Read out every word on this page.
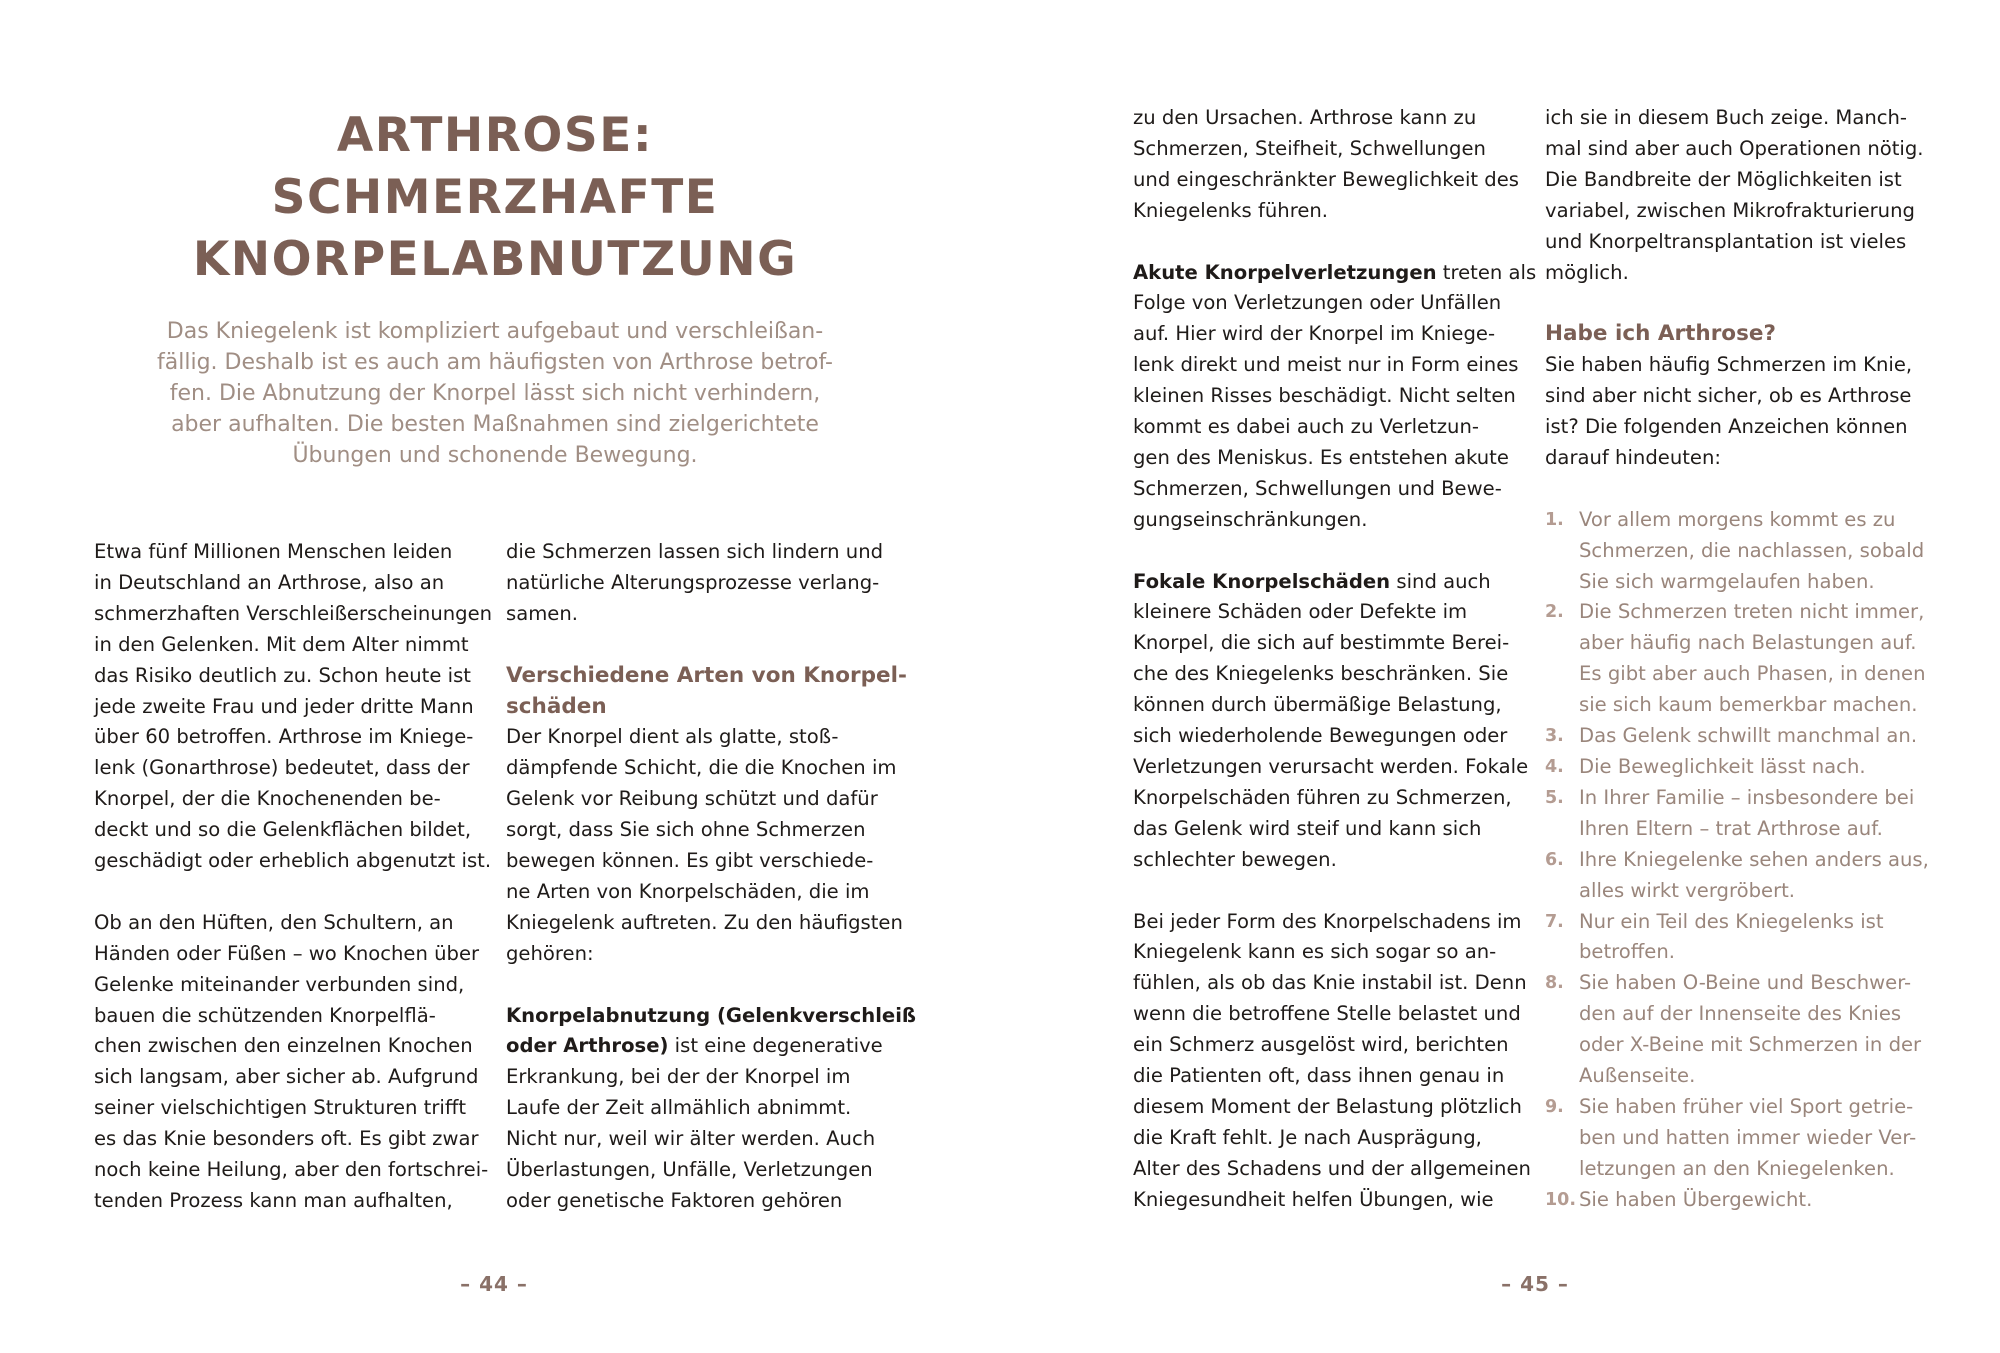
ARTHROSE:
SCHMERZHAFTE
KNORPELABNUTZUNG
Das Kniegelenk ist kompliziert aufgebaut und verschleißan-
fällig. Deshalb ist es auch am häufigsten von Arthrose betrof-
fen. Die Abnutzung der Knorpel lässt sich nicht verhindern,
aber aufhalten. Die besten Maßnahmen sind zielgerichtete
Übungen und schonende Bewegung.
Etwa fünf Millionen Menschen leiden
in Deutschland an Arthrose, also an
schmerzhaften Verschleißerscheinungen
in den Gelenken. Mit dem Alter nimmt
das Risiko deutlich zu. Schon heute ist
jede zweite Frau und jeder dritte Mann
über 60 betroffen. Arthrose im Kniege-
lenk (Gonarthrose) bedeutet, dass der
Knorpel, der die Knochenenden be-
deckt und so die Gelenkflächen bildet,
geschädigt oder erheblich abgenutzt ist.
Ob an den Hüften, den Schultern, an
Händen oder Füßen – wo Knochen über
Gelenke miteinander verbunden sind,
bauen die schützenden Knorpelflä-
chen zwischen den einzelnen Knochen
sich langsam, aber sicher ab. Aufgrund
seiner vielschichtigen Strukturen trifft
es das Knie besonders oft. Es gibt zwar
noch keine Heilung, aber den fortschrei-
tenden Prozess kann man aufhalten,
die Schmerzen lassen sich lindern und
natürliche Alterungsprozesse verlang-
samen.
Verschiedene Arten von Knorpel-
schäden
Der Knorpel dient als glatte, stoß-
dämpfende Schicht, die die Knochen im
Gelenk vor Reibung schützt und dafür
sorgt, dass Sie sich ohne Schmerzen
bewegen können. Es gibt verschiede-
ne Arten von Knorpelschäden, die im
Kniegelenk auftreten. Zu den häufigsten
gehören:
Knorpelabnutzung (Gelenkverschleiß
oder Arthrose) ist eine degenerative
Erkrankung, bei der der Knorpel im
Laufe der Zeit allmählich abnimmt.
Nicht nur, weil wir älter werden. Auch
Überlastungen, Unfälle, Verletzungen
oder genetische Faktoren gehören
– 44 –
zu den Ursachen. Arthrose kann zu
Schmerzen, Steifheit, Schwellungen
und eingeschränkter Beweglichkeit des
Kniegelenks führen.
Akute Knorpelverletzungen treten als
Folge von Verletzungen oder Unfällen
auf. Hier wird der Knorpel im Kniege-
lenk direkt und meist nur in Form eines
kleinen Risses beschädigt. Nicht selten
kommt es dabei auch zu Verletzun-
gen des Meniskus. Es entstehen akute
Schmerzen, Schwellungen und Bewe-
gungseinschränkungen.
Fokale Knorpelschäden sind auch
kleinere Schäden oder Defekte im
Knorpel, die sich auf bestimmte Berei-
che des Kniegelenks beschränken. Sie
können durch übermäßige Belastung,
sich wiederholende Bewegungen oder
Verletzungen verursacht werden. Fokale
Knorpelschäden führen zu Schmerzen,
das Gelenk wird steif und kann sich
schlechter bewegen.
Bei jeder Form des Knorpelschadens im
Kniegelenk kann es sich sogar so an-
fühlen, als ob das Knie instabil ist. Denn
wenn die betroffene Stelle belastet und
ein Schmerz ausgelöst wird, berichten
die Patienten oft, dass ihnen genau in
diesem Moment der Belastung plötzlich
die Kraft fehlt. Je nach Ausprägung,
Alter des Schadens und der allgemeinen
Kniegesundheit helfen Übungen, wie
ich sie in diesem Buch zeige. Manch-
mal sind aber auch Operationen nötig.
Die Bandbreite der Möglichkeiten ist
variabel, zwischen Mikrofrakturierung
und Knorpeltransplantation ist vieles
möglich.
Habe ich Arthrose?
Sie haben häufig Schmerzen im Knie,
sind aber nicht sicher, ob es Arthrose
ist? Die folgenden Anzeichen können
darauf hindeuten:
1. Vor allem morgens kommt es zu
Schmerzen, die nachlassen, sobald
Sie sich warmgelaufen haben.
2. Die Schmerzen treten nicht immer,
aber häufig nach Belastungen auf.
Es gibt aber auch Phasen, in denen
sie sich kaum bemerkbar machen.
3. Das Gelenk schwillt manchmal an.
4. Die Beweglichkeit lässt nach.
5. In Ihrer Familie – insbesondere bei
Ihren Eltern – trat Arthrose auf.
6. Ihre Kniegelenke sehen anders aus,
alles wirkt vergröbert.
7. Nur ein Teil des Kniegelenks ist
betroffen.
8. Sie haben O-Beine und Beschwer-
den auf der Innenseite des Knies
oder X-Beine mit Schmerzen in der
Außenseite.
9. Sie haben früher viel Sport getrie-
ben und hatten immer wieder Ver-
letzungen an den Kniegelenken.
10. Sie haben Übergewicht.
– 45 –
